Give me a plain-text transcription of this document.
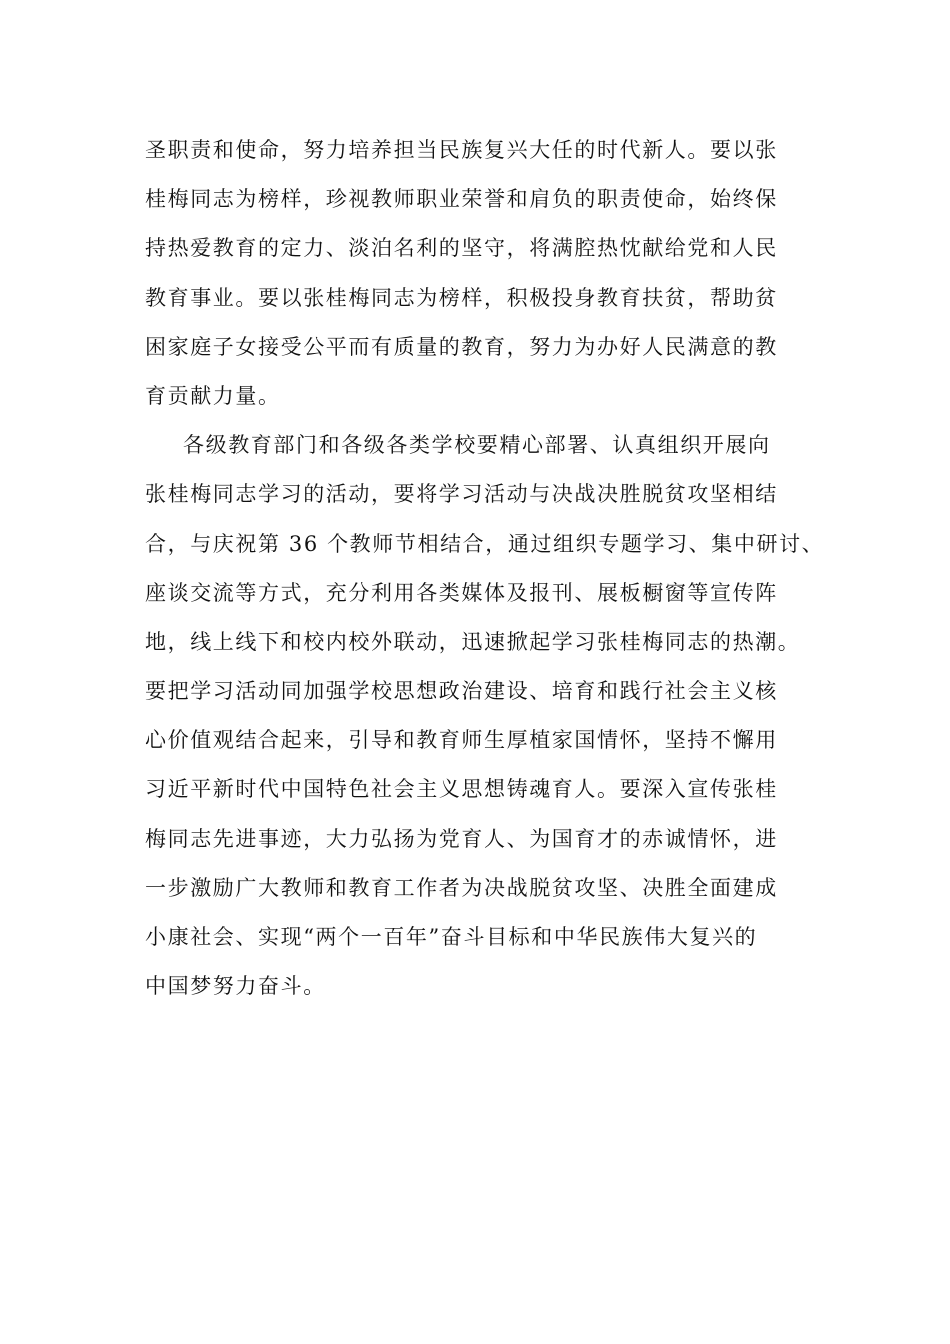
圣职责和使命，努力培养担当民族复兴大任的时代新人。要以张
桂梅同志为榜样，珍视教师职业荣誉和肩负的职责使命，始终保
持热爱教育的定力、淡泊名利的坚守，将满腔热忱献给党和人民
教育事业。要以张桂梅同志为榜样，积极投身教育扶贫，帮助贫
困家庭子女接受公平而有质量的教育，努力为办好人民满意的教
育贡献力量。
各级教育部门和各级各类学校要精心部署、认真组织开展向
张桂梅同志学习的活动，要将学习活动与决战决胜脱贫攻坚相结
合，与庆祝第 36 个教师节相结合，通过组织专题学习、集中研讨、
座谈交流等方式，充分利用各类媒体及报刊、展板橱窗等宣传阵
地，线上线下和校内校外联动，迅速掀起学习张桂梅同志的热潮。
要把学习活动同加强学校思想政治建设、培育和践行社会主义核
心价值观结合起来，引导和教育师生厚植家国情怀，坚持不懈用
习近平新时代中国特色社会主义思想铸魂育人。要深入宣传张桂
梅同志先进事迹，大力弘扬为党育人、为国育才的赤诚情怀，进
一步激励广大教师和教育工作者为决战脱贫攻坚、决胜全面建成
小康社会、实现“两个一百年”奋斗目标和中华民族伟大复兴的
中国梦努力奋斗。
